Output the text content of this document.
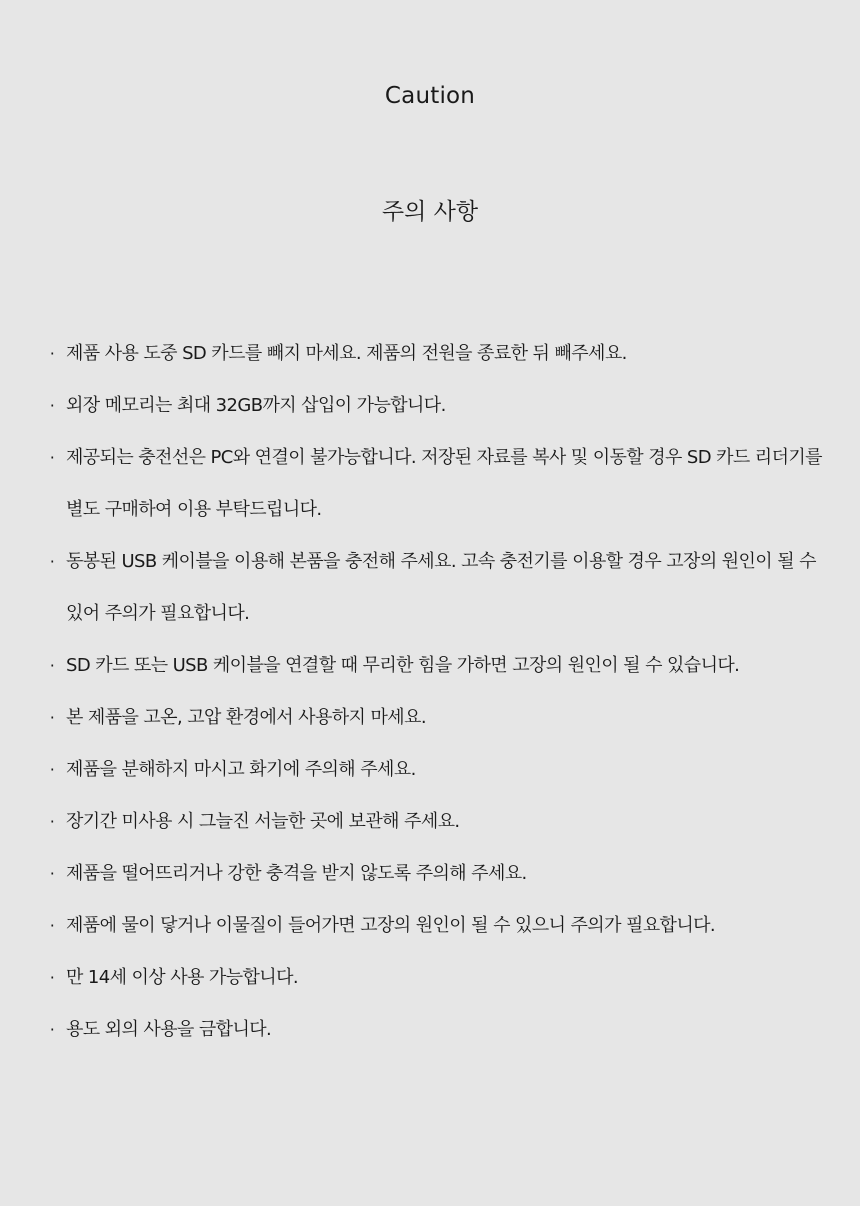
Caution
주의 사항
· 제품 사용 도중 SD 카드를 빼지 마세요. 제품의 전원을 종료한 뒤 빼주세요.
· 외장 메모리는 최대 32GB까지 삽입이 가능합니다.
· 제공되는 충전선은 PC와 연결이 불가능합니다. 저장된 자료를 복사 및 이동할 경우 SD 카드 리더기를 별도 구매하여 이용 부탁드립니다.
· 동봉된 USB 케이블을 이용해 본품을 충전해 주세요. 고속 충전기를 이용할 경우 고장의 원인이 될 수 있어 주의가 필요합니다.
· SD 카드 또는 USB 케이블을 연결할 때 무리한 힘을 가하면 고장의 원인이 될 수 있습니다.
· 본 제품을 고온, 고압 환경에서 사용하지 마세요.
· 제품을 분해하지 마시고 화기에 주의해 주세요.
· 장기간 미사용 시 그늘진 서늘한 곳에 보관해 주세요.
· 제품을 떨어뜨리거나 강한 충격을 받지 않도록 주의해 주세요.
· 제품에 물이 닿거나 이물질이 들어가면 고장의 원인이 될 수 있으니 주의가 필요합니다.
· 만 14세 이상 사용 가능합니다.
· 용도 외의 사용을 금합니다.
